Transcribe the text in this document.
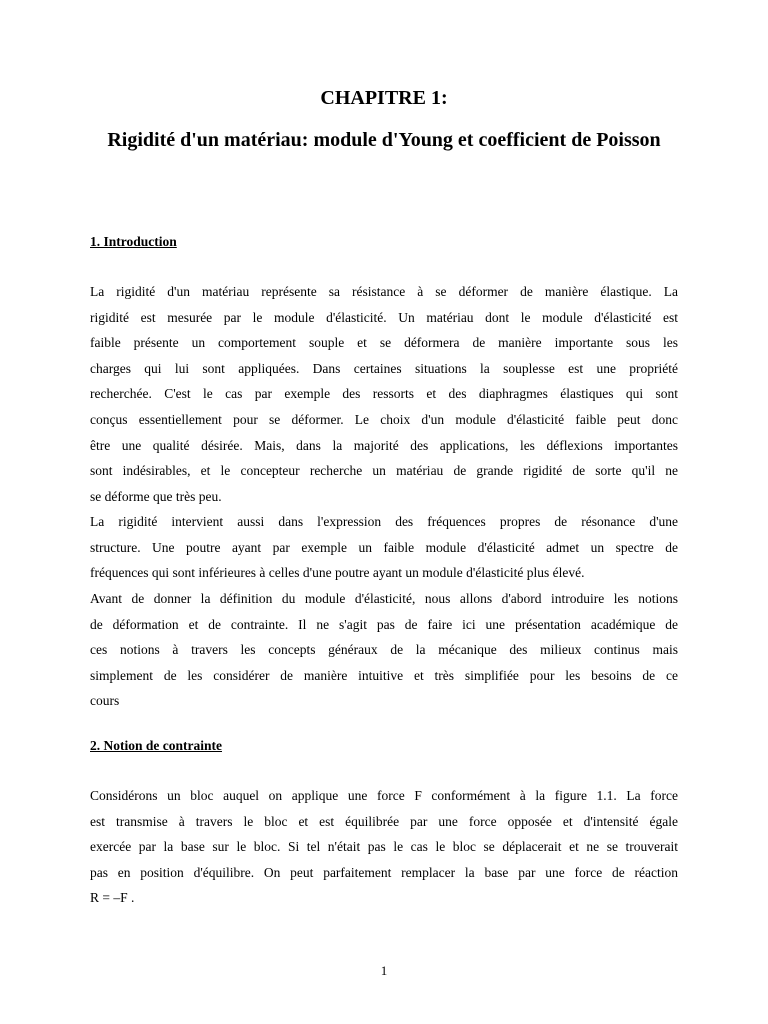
CHAPITRE 1:
Rigidité d'un matériau: module d'Young et coefficient de Poisson
1. Introduction
La rigidité d'un matériau représente sa résistance à se déformer de manière élastique. La
rigidité est mesurée par le module d'élasticité. Un matériau dont le module d'élasticité est
faible présente un comportement souple et se déformera de manière importante sous les
charges qui lui sont appliquées. Dans certaines situations la souplesse est une propriété
recherchée. C'est le cas par exemple des ressorts et des diaphragmes élastiques qui sont
conçus essentiellement pour se déformer. Le choix d'un module d'élasticité faible peut donc
être une qualité désirée. Mais, dans la majorité des applications, les déflexions importantes
sont indésirables, et le concepteur recherche un matériau de grande rigidité de sorte qu'il ne
se déforme que très peu.
La rigidité intervient aussi dans l'expression des fréquences propres de résonance d'une
structure. Une poutre ayant par exemple un faible module d'élasticité admet un spectre de
fréquences qui sont inférieures à celles d'une poutre ayant un module d'élasticité plus élevé.
Avant de donner la définition du module d'élasticité, nous allons d'abord introduire les notions
de déformation et de contrainte. Il ne s'agit pas de faire ici une présentation académique de
ces notions à travers les concepts généraux de la mécanique des milieux continus mais
simplement de les considérer de manière intuitive et très simplifiée pour les besoins de ce
cours
2. Notion de contrainte
Considérons un bloc auquel on applique une force F conformément à la figure 1.1. La force
est transmise à travers le bloc et est équilibrée par une force opposée et d'intensité égale
exercée par la base sur le bloc. Si tel n'était pas le cas le bloc se déplacerait et ne se trouverait
pas en position d'équilibre. On peut parfaitement remplacer la base par une force de réaction
R = –F .
1
